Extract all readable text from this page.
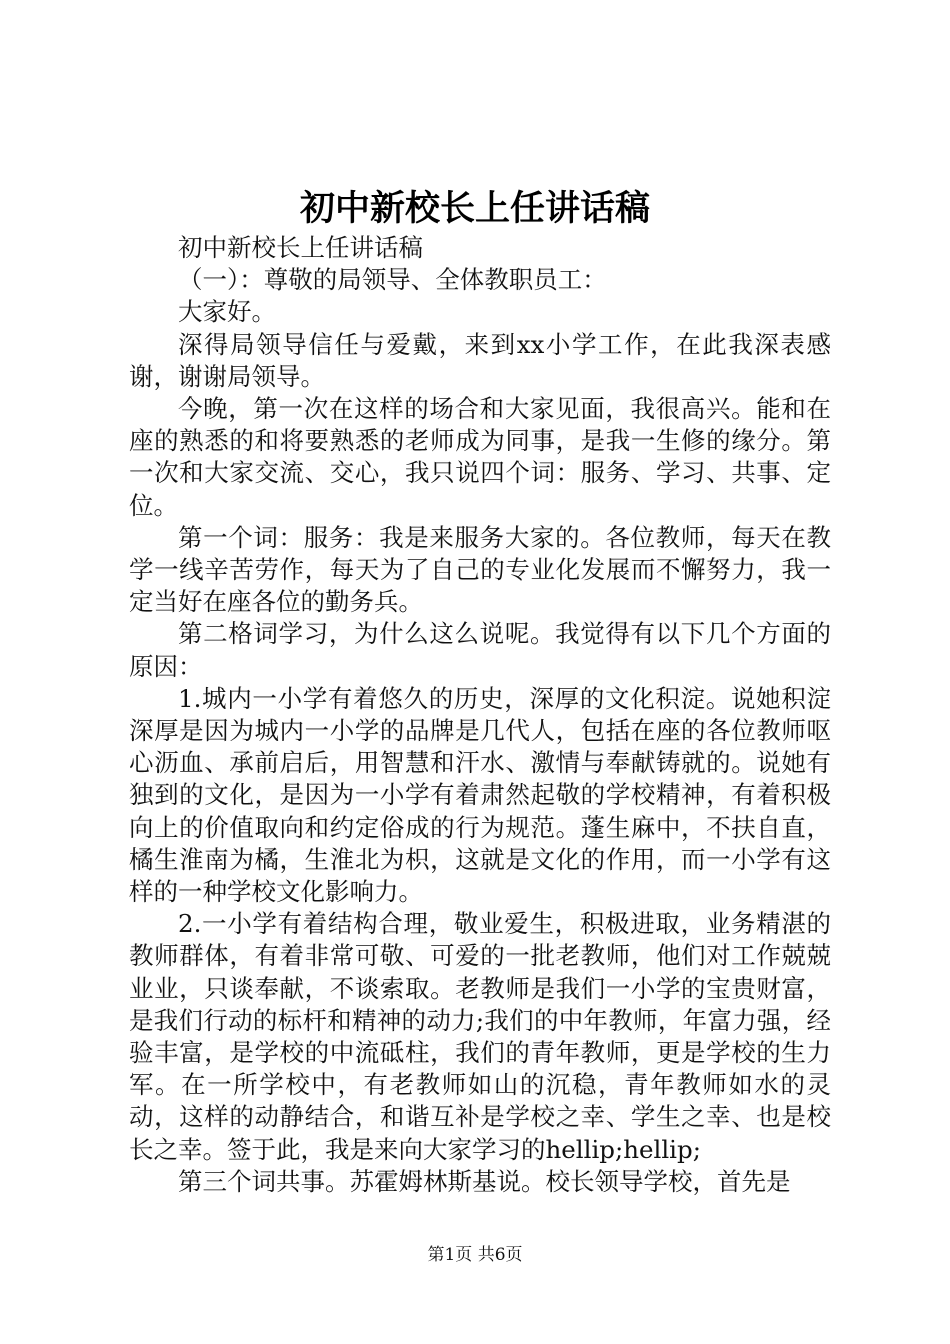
初中新校长上任讲话稿

初中新校长上任讲话稿

（一）：尊敬的局领导、全体教职员工：

大家好。

深得局领导信任与爱戴，来到xx小学工作，在此我深表感谢，谢谢局领导。

今晚，第一次在这样的场合和大家见面，我很高兴。能和在座的熟悉的和将要熟悉的老师成为同事，是我一生修的缘分。第一次和大家交流、交心，我只说四个词：服务、学习、共事、定位。

第一个词：服务：我是来服务大家的。各位教师，每天在教学一线辛苦劳作，每天为了自己的专业化发展而不懈努力，我一定当好在座各位的勤务兵。

第二格词学习，为什么这么说呢。我觉得有以下几个方面的原因：

1.城内一小学有着悠久的历史，深厚的文化积淀。说她积淀深厚是因为城内一小学的品牌是几代人，包括在座的各位教师呕心沥血、承前启后，用智慧和汗水、激情与奉献铸就的。说她有独到的文化，是因为一小学有着肃然起敬的学校精神，有着积极向上的价值取向和约定俗成的行为规范。蓬生麻中，不扶自直，橘生淮南为橘，生淮北为枳，这就是文化的作用，而一小学有这样的一种学校文化影响力。

2.一小学有着结构合理，敬业爱生，积极进取，业务精湛的教师群体，有着非常可敬、可爱的一批老教师，他们对工作兢兢业业，只谈奉献，不谈索取。老教师是我们一小学的宝贵财富，是我们行动的标杆和精神的动力;我们的中年教师，年富力强，经验丰富，是学校的中流砥柱，我们的青年教师，更是学校的生力军。在一所学校中，有老教师如山的沉稳，青年教师如水的灵动，这样的动静结合，和谐互补是学校之幸、学生之幸、也是校长之幸。签于此，我是来向大家学习的hellip;hellip;

第三个词共事。苏霍姆林斯基说。校长领导学校，首先是

第1页 共6页
